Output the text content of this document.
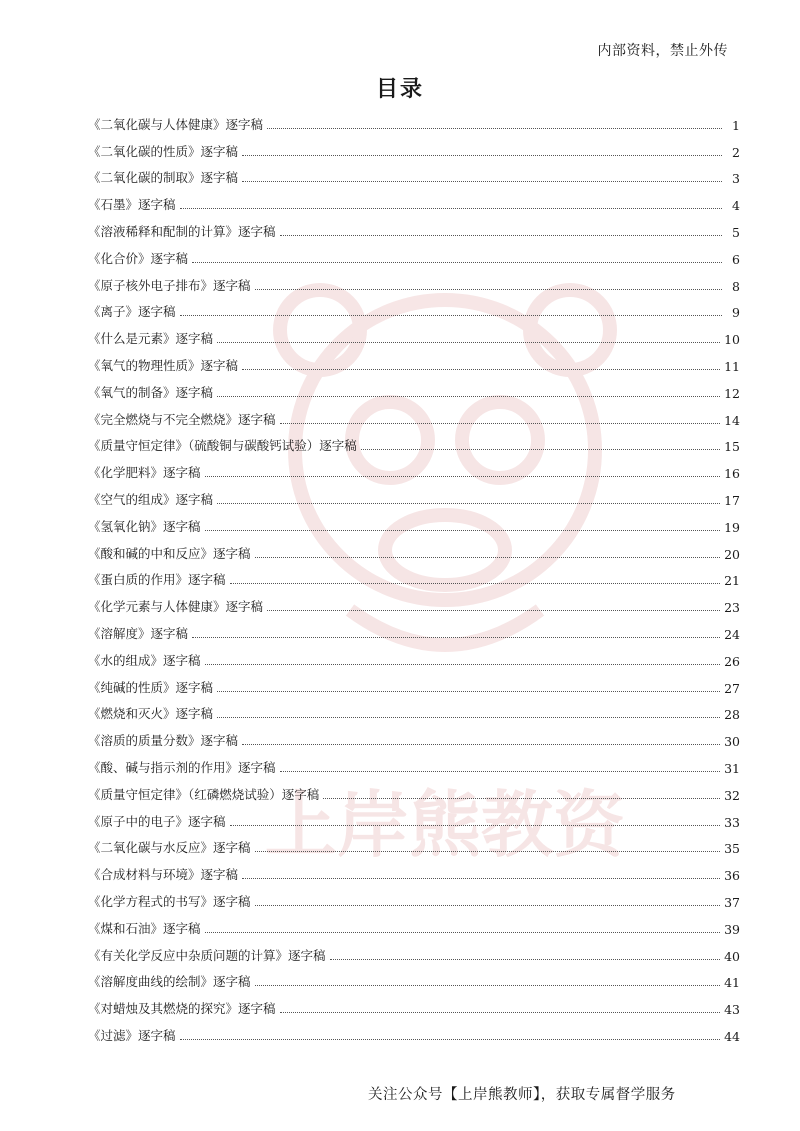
上岸熊教资
内部资料，禁止外传
目录
《二氧化碳与人体健康》逐字稿	1
《二氧化碳的性质》逐字稿	2
《二氧化碳的制取》逐字稿	3
《石墨》逐字稿	4
《溶液稀释和配制的计算》逐字稿	5
《化合价》逐字稿	6
《原子核外电子排布》逐字稿	8
《离子》逐字稿	9
《什么是元素》逐字稿	10
《氧气的物理性质》逐字稿	11
《氧气的制备》逐字稿	12
《完全燃烧与不完全燃烧》逐字稿	14
《质量守恒定律》（硫酸铜与碳酸钙试验）逐字稿	15
《化学肥料》逐字稿	16
《空气的组成》逐字稿	17
《氢氧化钠》逐字稿	19
《酸和碱的中和反应》逐字稿	20
《蛋白质的作用》逐字稿	21
《化学元素与人体健康》逐字稿	23
《溶解度》逐字稿	24
《水的组成》逐字稿	26
《纯碱的性质》逐字稿	27
《燃烧和灭火》逐字稿	28
《溶质的质量分数》逐字稿	30
《酸、碱与指示剂的作用》逐字稿	31
《质量守恒定律》（红磷燃烧试验）逐字稿	32
《原子中的电子》逐字稿	33
《二氧化碳与水反应》逐字稿	35
《合成材料与环境》逐字稿	36
《化学方程式的书写》逐字稿	37
《煤和石油》逐字稿	39
《有关化学反应中杂质问题的计算》逐字稿	40
《溶解度曲线的绘制》逐字稿	41
《对蜡烛及其燃烧的探究》逐字稿	43
《过滤》逐字稿	44
关注公众号【上岸熊教师】，获取专属督学服务
